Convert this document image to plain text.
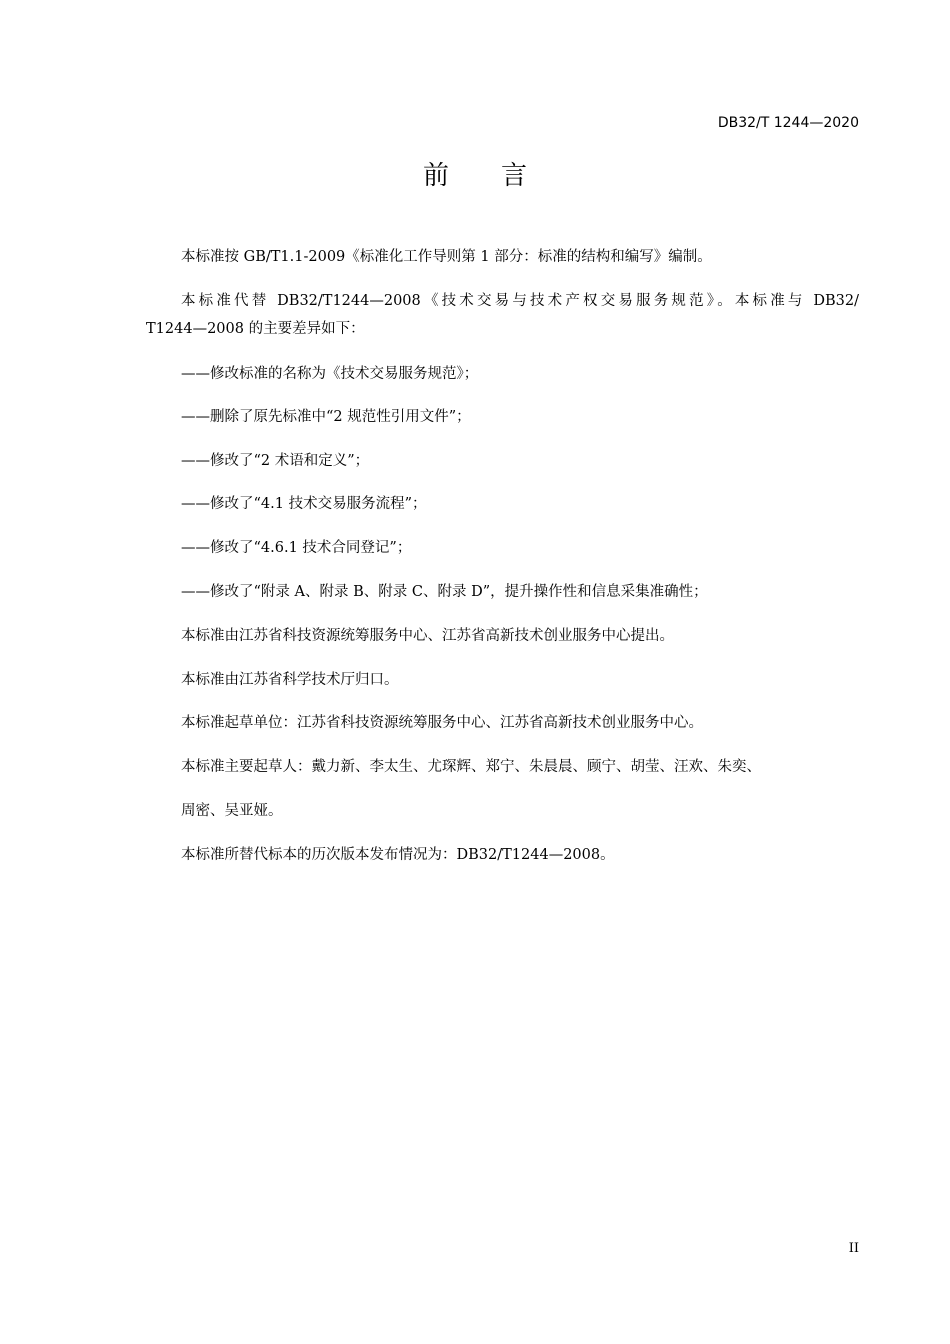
DB32/T 1244—2020
前 言
本标准按 GB/T1.1-2009《标准化工作导则第 1 部分：标准的结构和编写》编制。
本标准代替 DB32/T1244—2008《技术交易与技术产权交易服务规范》。本标准与 DB32/
T1244—2008 的主要差异如下：
——修改标准的名称为《技术交易服务规范》；
——删除了原先标准中“2 规范性引用文件”；
——修改了“2 术语和定义”；
——修改了“4.1 技术交易服务流程”；
——修改了“4.6.1 技术合同登记”；
——修改了“附录 A、附录 B、附录 C、附录 D”，提升操作性和信息采集准确性；
本标准由江苏省科技资源统筹服务中心、江苏省高新技术创业服务中心提出。
本标准由江苏省科学技术厅归口。
本标准起草单位：江苏省科技资源统筹服务中心、江苏省高新技术创业服务中心。
本标准主要起草人：戴力新、李太生、尤琛辉、郑宁、朱晨晨、顾宁、胡莹、汪欢、朱奕、
周密、吴亚娅。
本标准所替代标本的历次版本发布情况为：DB32/T1244—2008。
II
